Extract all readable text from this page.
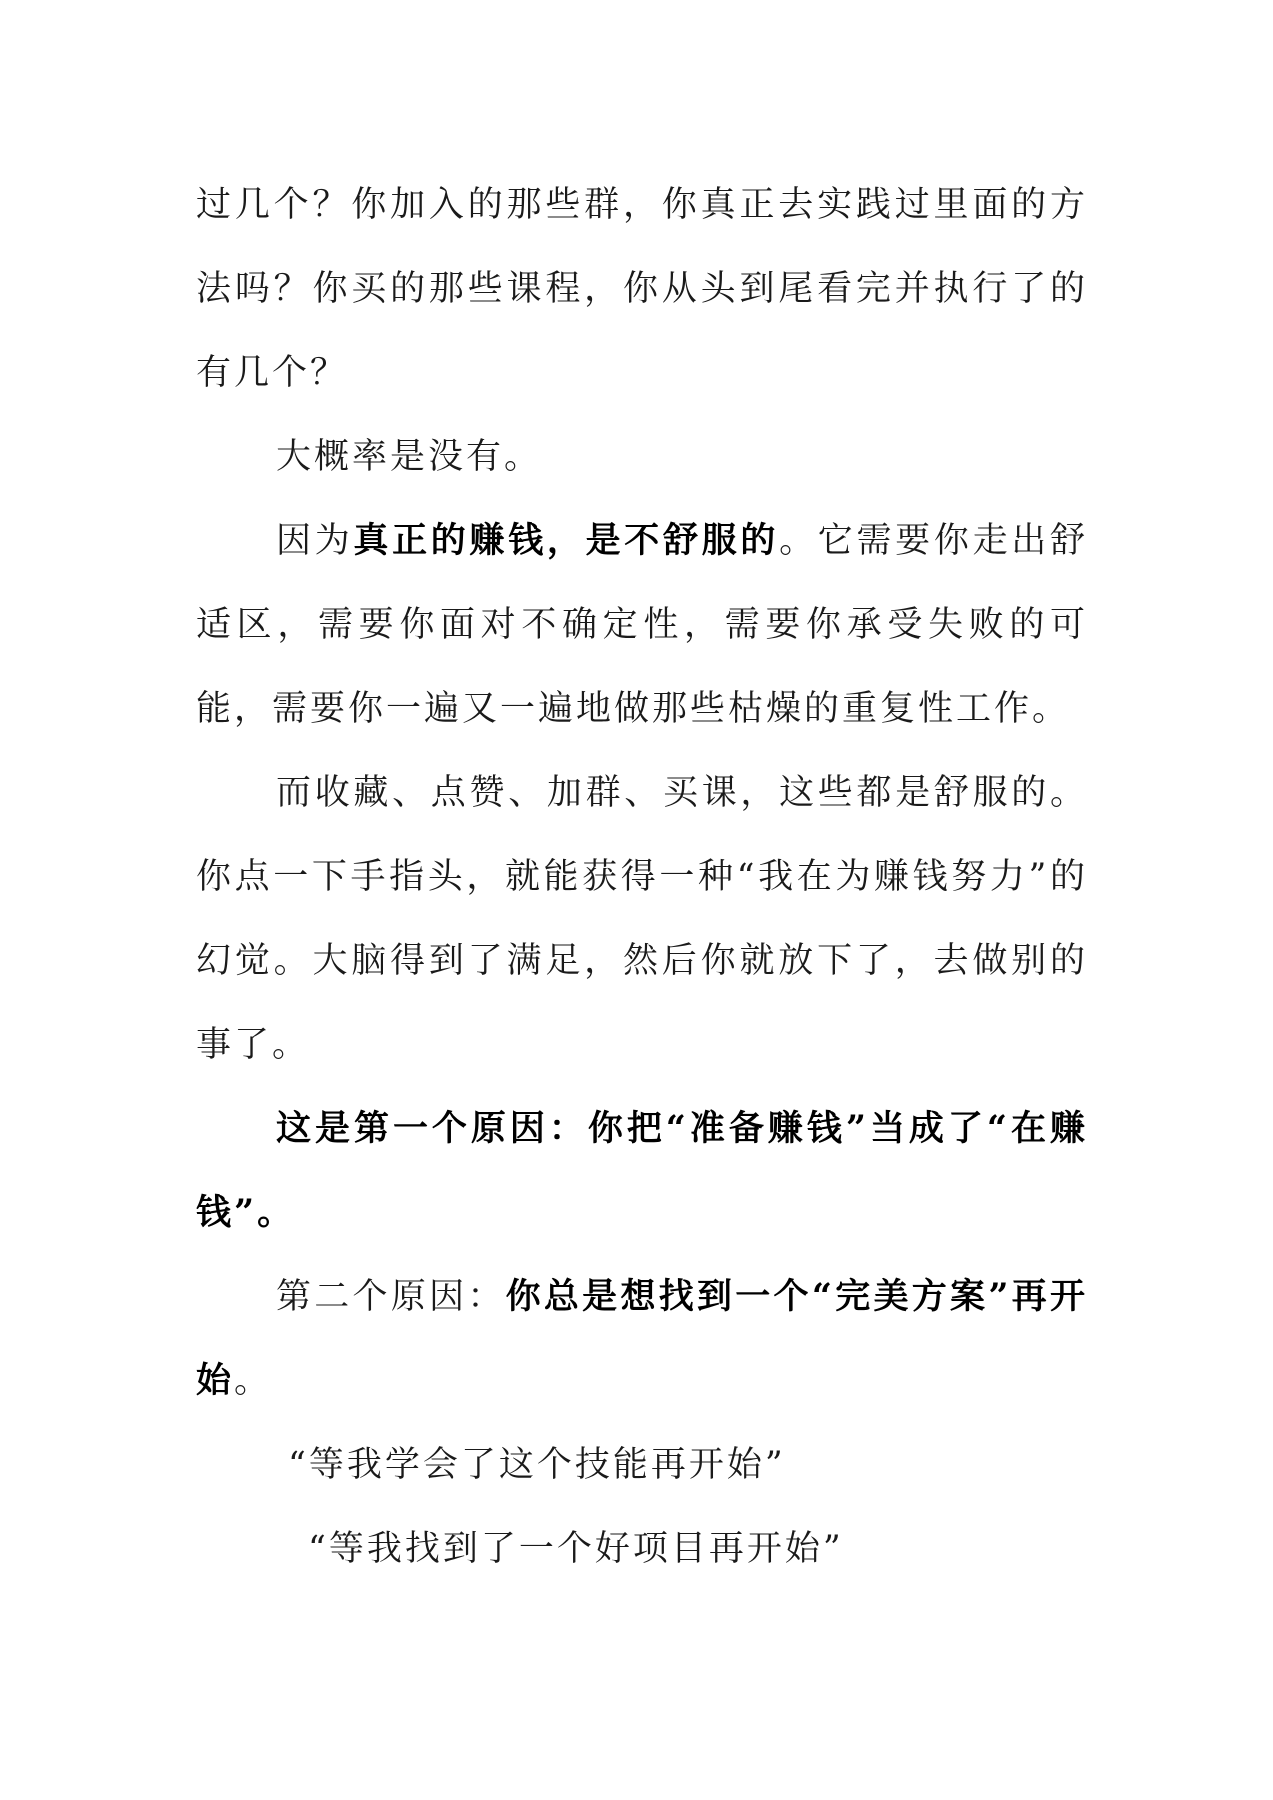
过几个？你加入的那些群，你真正去实践过里面的方法吗？你买的那些课程，你从头到尾看完并执行了的有几个？

大概率是没有。

因为真正的赚钱，是不舒服的。它需要你走出舒适区，需要你面对不确定性，需要你承受失败的可能，需要你一遍又一遍地做那些枯燥的重复性工作。

而收藏、点赞、加群、买课，这些都是舒服的。你点一下手指头，就能获得一种“我在为赚钱努力”的幻觉。大脑得到了满足，然后你就放下了，去做别的事了。

这是第一个原因：你把“准备赚钱”当成了“在赚钱”。

第二个原因：你总是想找到一个“完美方案”再开始。

“等我学会了这个技能再开始”

“等我找到了一个好项目再开始”
